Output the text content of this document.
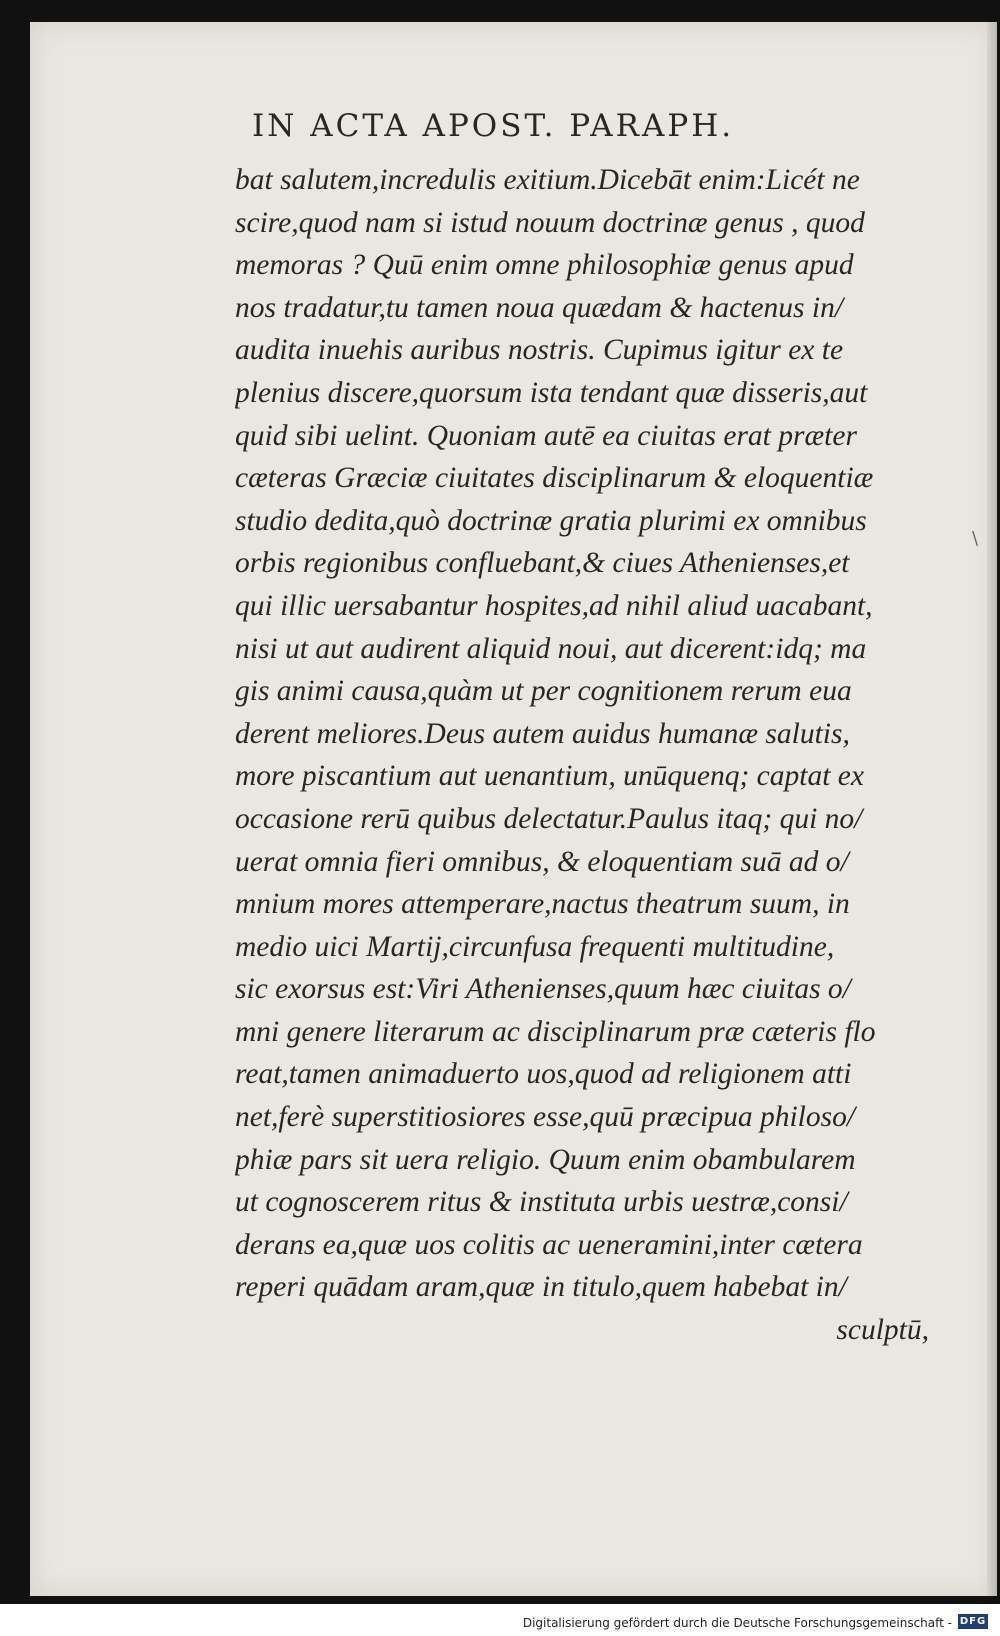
IN ACTA APOST. PARAPH.
bat salutem,incredulis exitium.Dicebāt enim:Licét ne
scire,quod nam si istud nouum doctrinæ genus , quod
memoras ? Quū enim omne philosophiæ genus apud
nos tradatur,tu tamen noua quædam & hactenus in/
audita inuehis auribus nostris. Cupimus igitur ex te
plenius discere,quorsum ista tendant quæ disseris,aut
quid sibi uelint. Quoniam autē ea ciuitas erat præter
cæteras Græciæ ciuitates disciplinarum & eloquentiæ
studio dedita,quò doctrinæ gratia plurimi ex omnibus
orbis regionibus confluebant,& ciues Athenienses,et
qui illic uersabantur hospites,ad nihil aliud uacabant,
nisi ut aut audirent aliquid noui, aut dicerent:idq; ma
gis animi causa,quàm ut per cognitionem rerum eua
derent meliores.Deus autem auidus humanæ salutis,
more piscantium aut uenantium, unūquenq; captat ex
occasione rerū quibus delectatur.Paulus itaq; qui no/
uerat omnia fieri omnibus, & eloquentiam suā ad o/
mnium mores attemperare,nactus theatrum suum, in
medio uici Martij,circunfusa frequenti multitudine,
sic exorsus est:Viri Athenienses,quum hæc ciuitas o/
mni genere literarum ac disciplinarum præ cæteris flo
reat,tamen animaduerto uos,quod ad religionem atti
net,ferè superstitiosiores esse,quū præcipua philoso/
phiæ pars sit uera religio. Quum enim obambularem
ut cognoscerem ritus & instituta urbis uestræ,consi/
derans ea,quæ uos colitis ac ueneramini,inter cætera
reperi quādam aram,quæ in titulo,quem habebat in/
sculptū,
\
Digitalisierung gefördert durch die Deutsche Forschungsgemeinschaft - DFG
